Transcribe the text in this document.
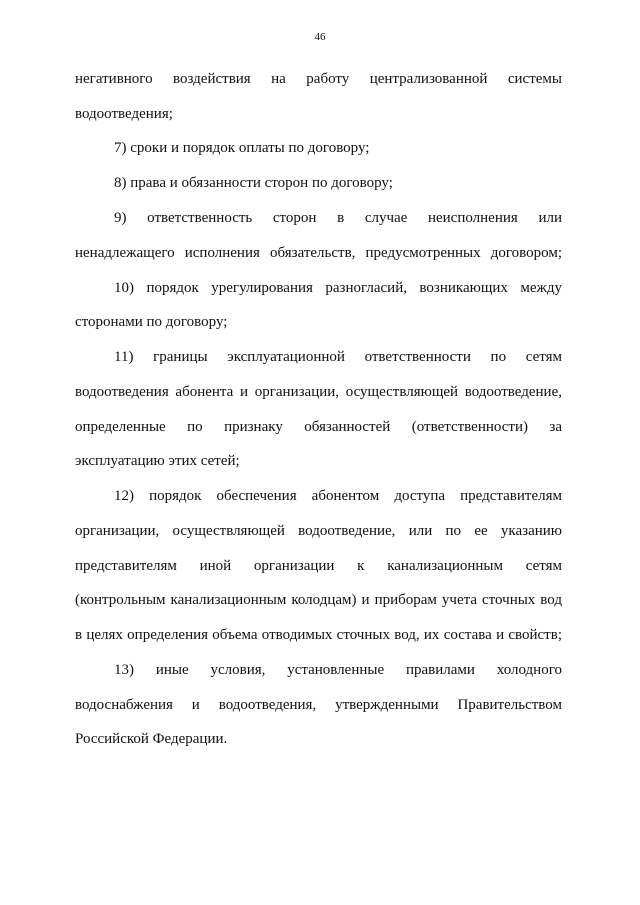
46
негативного воздействия на работу централизованной системы
водоотведения;
7) сроки и порядок оплаты по договору;
8) права и обязанности сторон по договору;
9) ответственность сторон в случае неисполнения или
ненадлежащего исполнения обязательств, предусмотренных договором;
10) порядок урегулирования разногласий, возникающих между
сторонами по договору;
11) границы эксплуатационной ответственности по сетям
водоотведения абонента и организации, осуществляющей водоотведение,
определенные по признаку обязанностей (ответственности) за
эксплуатацию этих сетей;
12) порядок обеспечения абонентом доступа представителям
организации, осуществляющей водоотведение, или по ее указанию
представителям иной организации к канализационным сетям
(контрольным канализационным колодцам) и приборам учета сточных вод
в целях определения объема отводимых сточных вод, их состава и свойств;
13) иные условия, установленные правилами холодного
водоснабжения и водоотведения, утвержденными Правительством
Российской Федерации.
